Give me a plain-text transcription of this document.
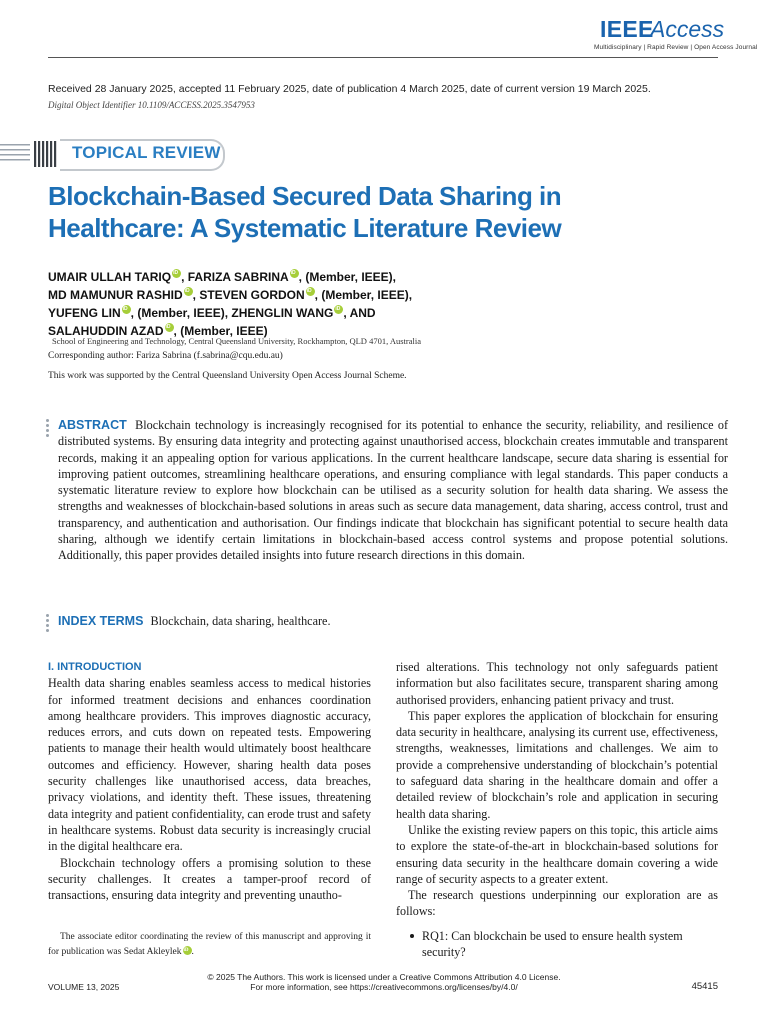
IEEE
Access
Multidisciplinary | Rapid Review | Open Access Journal
Received 28 January 2025, accepted 11 February 2025, date of publication 4 March 2025, date of current version 19 March 2025.
Digital Object Identifier 10.1109/ACCESS.2025.3547953
TOPICAL REVIEW
Blockchain-Based Secured Data Sharing in
Healthcare: A Systematic Literature Review
UMAIR ULLAH TARIQ iD , FARIZA SABRINA iD , (Member, IEEE),
MD MAMUNUR RASHID iD , STEVEN GORDON iD , (Member, IEEE),
YUFENG LIN iD , (Member, IEEE), ZHENGLIN WANG iD , AND
SALAHUDDIN AZAD iD , (Member, IEEE)
School of Engineering and Technology, Central Queensland University, Rockhampton, QLD 4701, Australia
Corresponding author: Fariza Sabrina (f.sabrina@cqu.edu.au)
This work was supported by the Central Queensland University Open Access Journal Scheme.
ABSTRACT Blockchain technology is increasingly recognised for its potential to enhance the security, reliability, and resilience of distributed systems. By ensuring data integrity and protecting against unauthorised access, blockchain creates immutable and transparent records, making it an appealing option for various applications. In the current healthcare landscape, secure data sharing is essential for improving patient outcomes, streamlining healthcare operations, and ensuring compliance with legal standards. This paper conducts a systematic literature review to explore how blockchain can be utilised as a security solution for health data sharing. We assess the strengths and weaknesses of blockchain-based solutions in areas such as secure data management, data sharing, access control, trust and transparency, and authentication and authorisation. Our findings indicate that blockchain has significant potential to secure health data sharing, although we identify certain limitations in blockchain-based access control systems and propose potential solutions. Additionally, this paper provides detailed insights into future research directions in this domain.
INDEX TERMS Blockchain, data sharing, healthcare.

I. INTRODUCTION

Health data sharing enables seamless access to medical histories for informed treatment decisions and enhances coordination among healthcare providers. This improves diagnostic accuracy, reduces errors, and cuts down on repeated tests. Empowering patients to manage their health would ultimately boost healthcare outcomes and efficiency. However, sharing health data poses security challenges like unauthorised access, data breaches, privacy violations, and identity theft. These issues, threatening data integrity and patient confidentiality, can erode trust and safety in healthcare systems. Robust data security is increasingly crucial in the digital healthcare era.

Blockchain technology offers a promising solution to these security challenges. It creates a tamper-proof record of transactions, ensuring data integrity and preventing unautho-

The associate editor coordinating the review of this manuscript and approving it for publication was Sedat Akleylek iD .

rised alterations. This technology not only safeguards patient information but also facilitates secure, transparent sharing among authorised providers, enhancing patient privacy and trust.

This paper explores the application of blockchain for ensuring data security in healthcare, analysing its current use, effectiveness, strengths, weaknesses, limitations and challenges. We aim to provide a comprehensive understanding of blockchain’s potential to safeguard data sharing in the healthcare domain and offer a detailed review of blockchain’s role and application in securing health data sharing.

Unlike the existing review papers on this topic, this article aims to explore the state-of-the-art in blockchain-based solutions for ensuring data security in the healthcare domain covering a wide range of security aspects to a greater extent.

The research questions underpinning our exploration are as follows:

RQ1: Can blockchain be used to ensure health system security?
© 2025 The Authors. This work is licensed under a Creative Commons Attribution 4.0 License.
For more information, see https://creativecommons.org/licenses/by/4.0/
VOLUME 13, 2025	45415
